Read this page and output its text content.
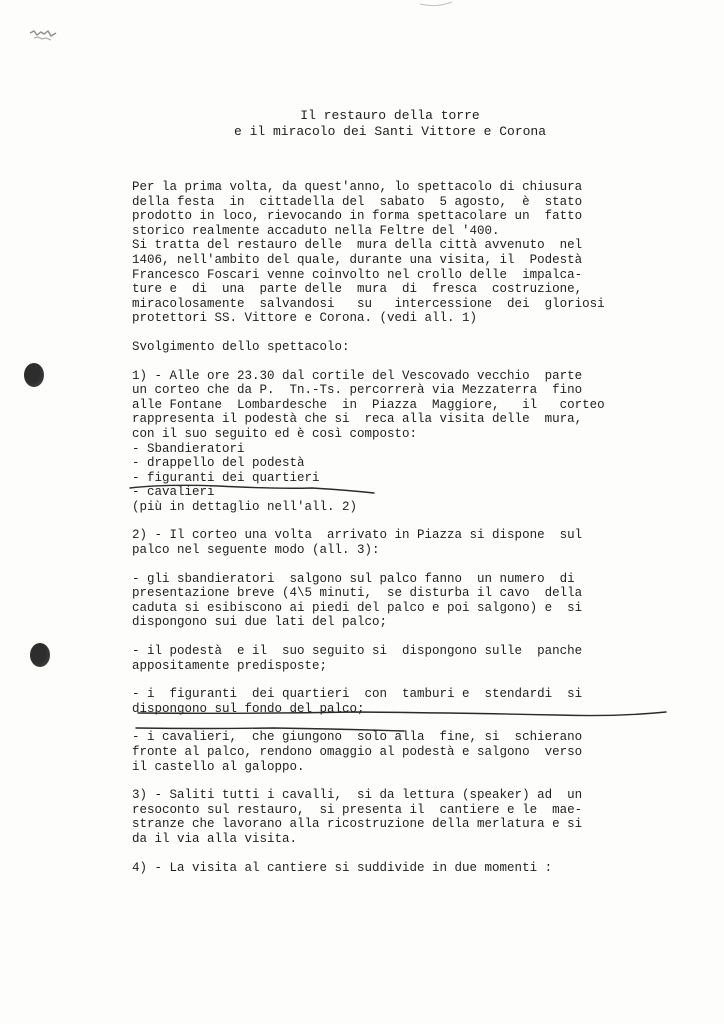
Il restauro della torre
e il miracolo dei Santi Vittore e Corona
Per la prima volta, da quest'anno, lo spettacolo di chiusura
della festa  in  cittadella del  sabato  5 agosto,  è  stato
prodotto in loco, rievocando in forma spettacolare un  fatto
storico realmente accaduto nella Feltre del '400.
Si tratta del restauro delle  mura della città avvenuto  nel
1406, nell'ambito del quale, durante una visita, il  Podestà
Francesco Foscari venne coinvolto nel crollo delle  impalca-
ture e  di  una  parte delle  mura  di  fresca  costruzione,
miracolosamente  salvandosi   su   intercessione  dei  gloriosi
protettori SS. Vittore e Corona. (vedi all. 1)
Svolgimento dello spettacolo:
1) - Alle ore 23.30 dal cortile del Vescovado vecchio  parte
un corteo che da P.  Tn.-Ts. percorrerà via Mezzaterra  fino
alle Fontane  Lombardesche  in  Piazza  Maggiore,   il   corteo
rappresenta il podestà che si  reca alla visita delle  mura,
con il suo seguito ed è così composto:
- Sbandieratori
- drappello del podestà
- figuranti dei quartieri
- cavalieri
(più in dettaglio nell'all. 2)
2) - Il corteo una volta  arrivato in Piazza si dispone  sul
palco nel seguente modo (all. 3):
- gli sbandieratori  salgono sul palco fanno  un numero  di
presentazione breve (4\5 minuti,  se disturba il cavo  della
caduta si esibiscono ai piedi del palco e poi salgono) e  si
dispongono sui due lati del palco;
- il podestà  e il  suo seguito si  dispongono sulle  panche
appositamente predisposte;
- i  figuranti  dei quartieri  con  tamburi e  stendardi  si
dispongono sul fondo del palco;
- i cavalieri,  che giungono  solo alla  fine, si  schierano
fronte al palco, rendono omaggio al podestà e salgono  verso
il castello al galoppo.
3) - Saliti tutti i cavalli,  si da lettura (speaker) ad  un
resoconto sul restauro,  si presenta il  cantiere e le  mae-
stranze che lavorano alla ricostruzione della merlatura e si
da il via alla visita.
4) - La visita al cantiere si suddivide in due momenti :
